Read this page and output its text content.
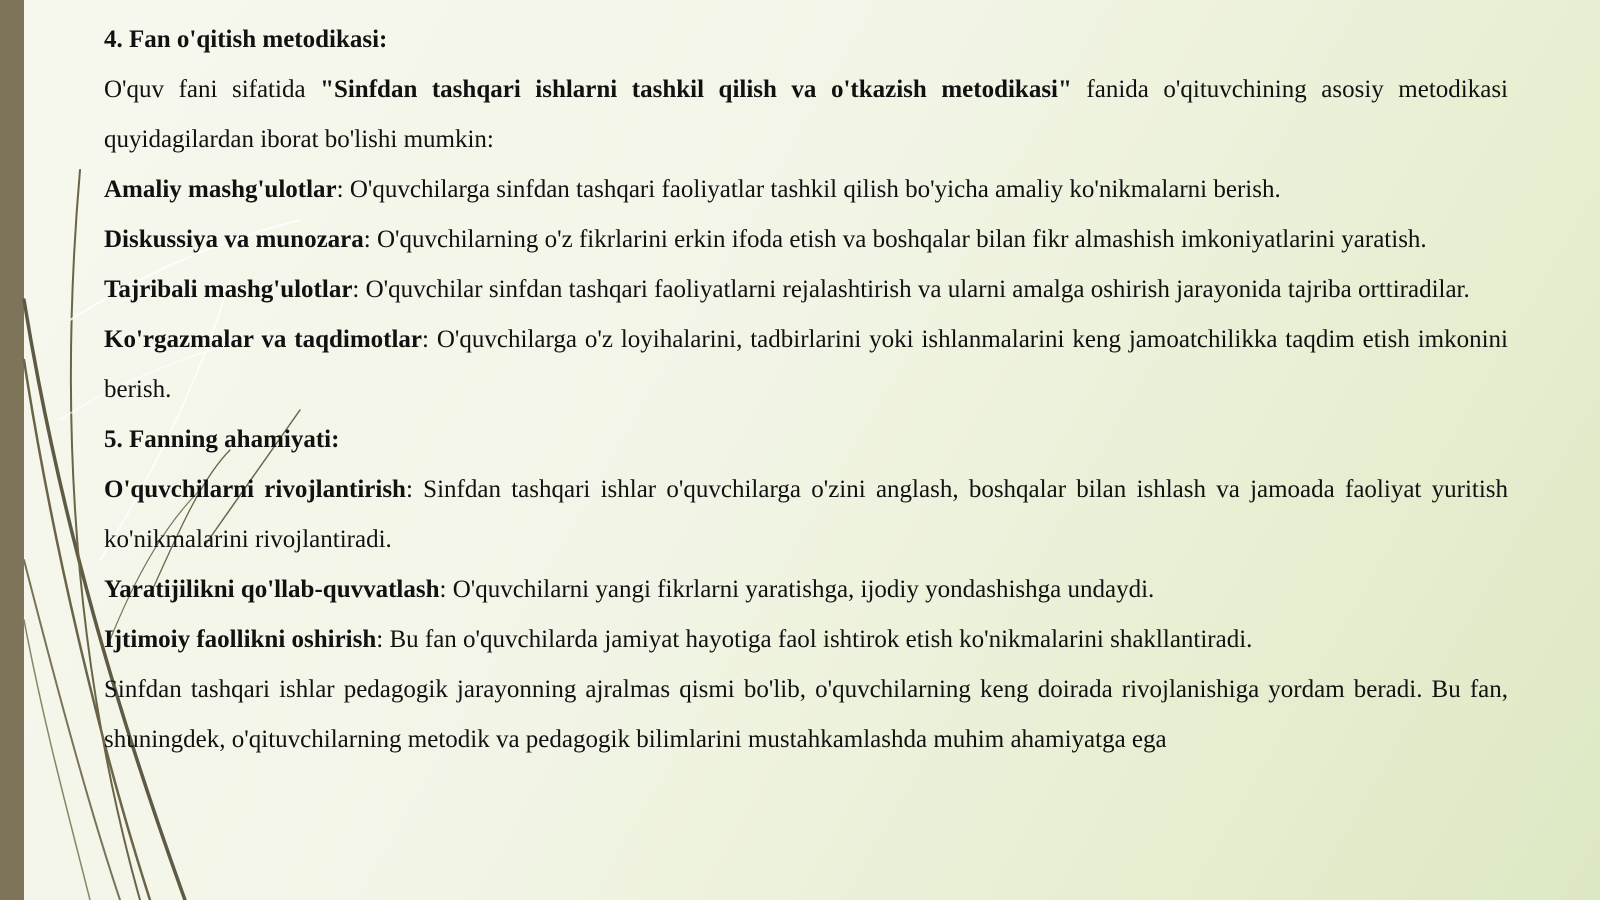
4. Fan o'qitish metodikasi:

O'quv fani sifatida "Sinfdan tashqari ishlarni tashkil qilish va o'tkazish metodikasi" fanida o'qituvchining asosiy metodikasi quyidagilardan iborat bo'lishi mumkin:

Amaliy mashg'ulotlar: O'quvchilarga sinfdan tashqari faoliyatlar tashkil qilish bo'yicha amaliy ko'nikmalarni berish.

Diskussiya va munozara: O'quvchilarning o'z fikrlarini erkin ifoda etish va boshqalar bilan fikr almashish imkoniyatlarini yaratish.

Tajribali mashg'ulotlar: O'quvchilar sinfdan tashqari faoliyatlarni rejalashtirish va ularni amalga oshirish jarayonida tajriba orttiradilar.

Ko'rgazmalar va taqdimotlar: O'quvchilarga o'z loyihalarini, tadbirlarini yoki ishlanmalarini keng jamoatchilikka taqdim etish imkonini berish.

5. Fanning ahamiyati:

O'quvchilarni rivojlantirish: Sinfdan tashqari ishlar o'quvchilarga o'zini anglash, boshqalar bilan ishlash va jamoada faoliyat yuritish ko'nikmalarini rivojlantiradi.

Yaratijilikni qo'llab-quvvatlash: O'quvchilarni yangi fikrlarni yaratishga, ijodiy yondashishga undaydi.

Ijtimoiy faollikni oshirish: Bu fan o'quvchilarda jamiyat hayotiga faol ishtirok etish ko'nikmalarini shakllantiradi.

Sinfdan tashqari ishlar pedagogik jarayonning ajralmas qismi bo'lib, o'quvchilarning keng doirada rivojlanishiga yordam beradi. Bu fan, shuningdek, o'qituvchilarning metodik va pedagogik bilimlarini mustahkamlashda muhim ahamiyatga ega
